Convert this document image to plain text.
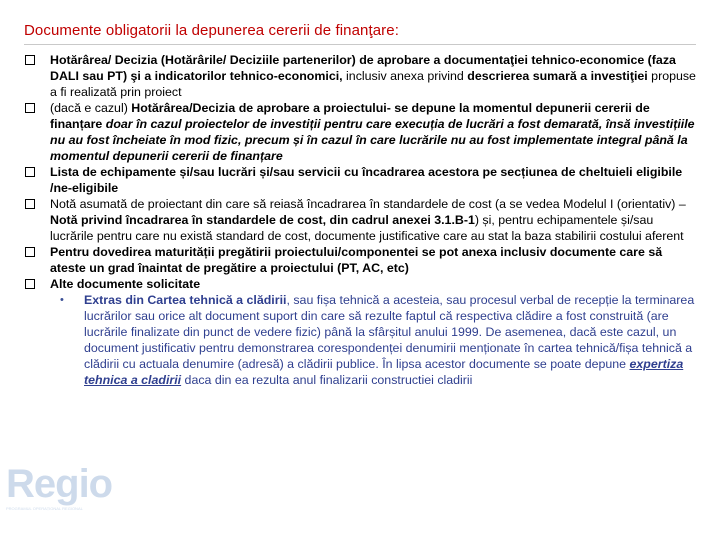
Documente obligatorii la depunerea cererii de finanţare:
Hotărârea/ Decizia (Hotărârile/ Deciziile partenerilor) de aprobare a documentaţiei tehnico-economice (faza DALI sau PT) şi a indicatorilor tehnico-economici, inclusiv anexa privind descrierea sumară a investiţiei propuse a fi realizată prin proiect
(dacă e cazul) Hotărârea/Decizia de aprobare a proiectului- se depune la momentul depunerii cererii de finanțare doar în cazul proiectelor de investiții pentru care execuția de lucrări a fost demarată, însă investițiile nu au fost încheiate în mod fizic, precum și în cazul în care lucrările nu au fost implementate integral până la momentul depunerii cererii de finanțare
Lista de echipamente și/sau lucrări și/sau servicii cu încadrarea acestora pe secțiunea de cheltuieli eligibile /ne-eligibile
Notă asumată de proiectant din care să reiasă încadrarea în standardele de cost (a se vedea Modelul I (orientativ) – Notă privind încadrarea în standardele de cost, din cadrul anexei 3.1.B-1) și, pentru echipamentele și/sau lucrările pentru care nu există standard de cost, documente justificative care au stat la baza stabilirii costului aferent
Pentru dovedirea maturității pregătirii proiectului/componentei se pot anexa inclusiv documente care să ateste un grad înaintat de pregătire a proiectului (PT, AC, etc)
Alte documente solicitate
• Extras din Cartea tehnică a clădirii, sau fișa tehnică a acesteia, sau procesul verbal de recepție la terminarea lucrărilor sau orice alt document suport din care să rezulte faptul că respectiva clădire a fost construită (are lucrările finalizate din punct de vedere fizic) până la sfârșitul anului 1999. De asemenea, dacă este cazul, un document justificativ pentru demonstrarea corespondenței denumirii menționate în cartea tehnică/fișa tehnică a clădirii cu actuala denumire (adresă) a clădirii publice. În lipsa acestor documente se poate depune expertiza tehnica a cladirii daca din ea rezulta anul finalizarii constructiei cladirii
Regio
PROGRAMUL OPERAȚIONAL REGIONAL
